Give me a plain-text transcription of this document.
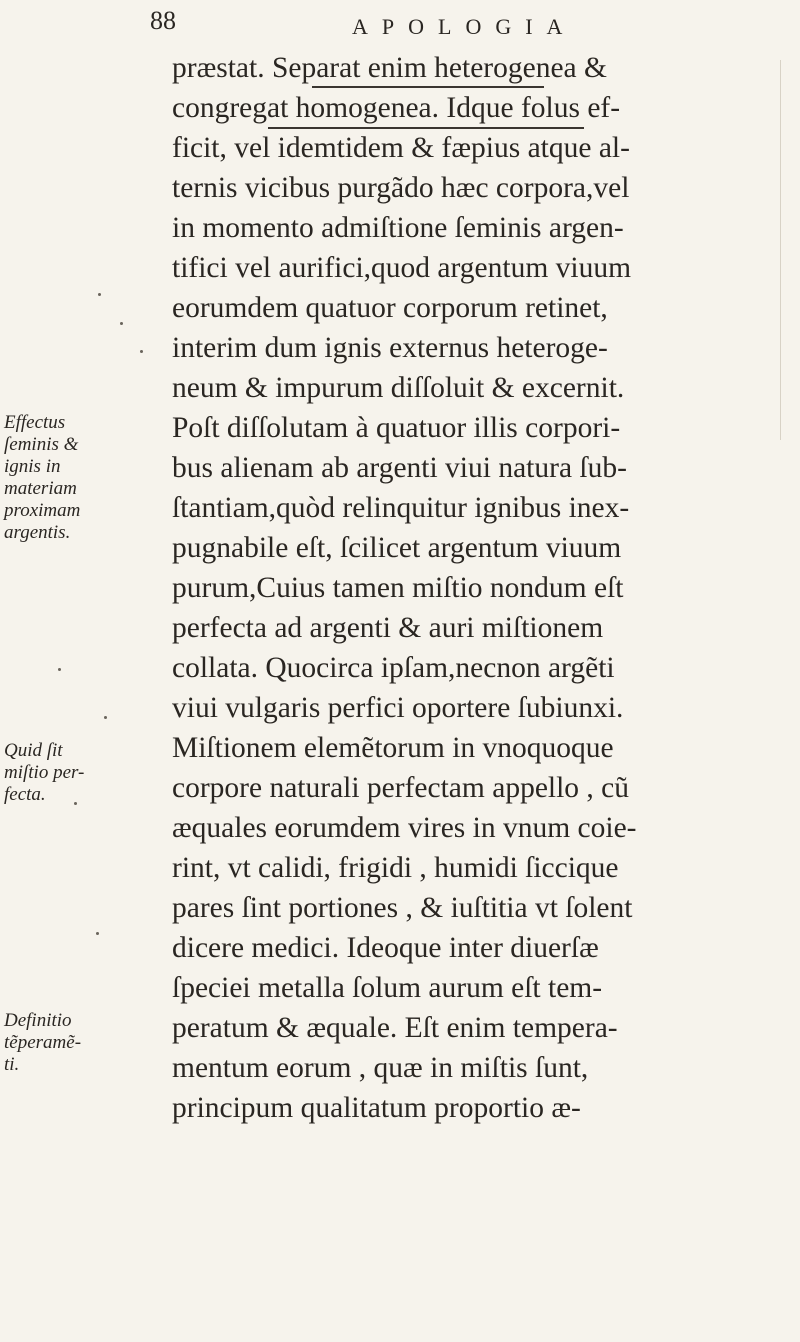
88	APOLOGIA
præstat. Separat enim heterogenea &
congregat homogenea. Idque folus ef-
ficit, vel idemtidem & fæpius atque al-
ternis vicibus purgãdo hæc corpora,vel
in momento admiſtione ſeminis argen-
tifici vel aurifici,quod argentum viuum
eorumdem quatuor corporum retinet,
interim dum ignis externus heteroge-
neum & impurum diſſoluit & excernit.
Poſt diſſolutam à quatuor illis corpori-
bus alienam ab argenti viui natura ſub-
ſtantiam,quòd relinquitur ignibus inex-
pugnabile eſt, ſcilicet argentum viuum
purum,Cuius tamen miſtio nondum eſt
perfecta ad argenti & auri miſtionem
collata. Quocirca ipſam,necnon argẽti
viui vulgaris perfici oportere ſubiunxi.
Miſtionem elemẽtorum in vnoquoque
corpore naturali perfectam appello , cũ
æquales eorumdem vires in vnum coie-
rint, vt calidi, frigidi , humidi ſiccique
pares ſint portiones , & iuſtitia vt ſolent
dicere medici. Ideoque inter diuerſæ
ſpeciei metalla ſolum aurum eſt tem-
peratum & æquale. Eſt enim tempera-
mentum eorum , quæ in miſtis ſunt,
principum qualitatum proportio æ-
Effectus
ſeminis &
ignis in
materiam
proximam
argentis.
Quid ſit
miſtio per-
fecta.
Definitio
tẽperamẽ-
ti.
